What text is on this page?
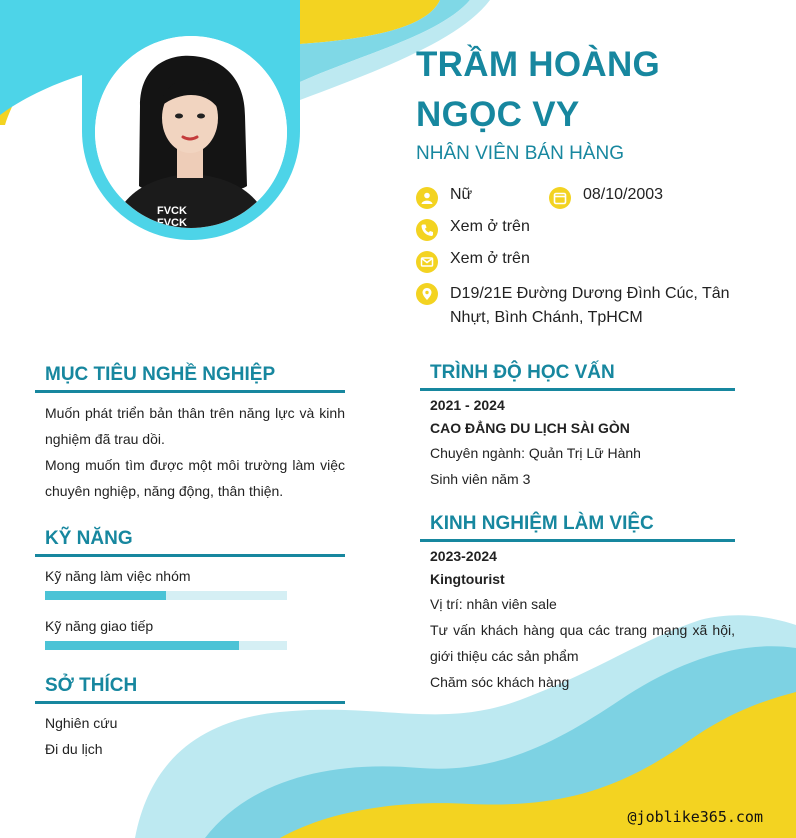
FVCK
FVCK
TRẦM HOÀNG NGỌC VY
NHÂN VIÊN BÁN HÀNG
Nữ	08/10/2003
Xem ở trên
Xem ở trên
D19/21E Đường Dương Đình Cúc, Tân Nhựt, Bình Chánh, TpHCM
MỤC TIÊU NGHỀ NGHIỆP

Muốn phát triển bản thân trên năng lực và kinh nghiệm đã trau dồi.

Mong muốn tìm được một môi trường làm việc chuyên nghiệp, năng động, thân thiện.

KỸ NĂNG
Kỹ năng làm việc nhóm
Kỹ năng giao tiếp
SỞ THÍCH

Nghiên cứu

Đi du lịch

TRÌNH ĐỘ HỌC VẤN

2021 - 2024

CAO ĐẲNG DU LỊCH SÀI GÒN

Chuyên ngành: Quản Trị Lữ Hành

Sinh viên năm 3

KINH NGHIỆM LÀM VIỆC

2023-2024

Kingtourist

Vị trí: nhân viên sale

Tư vấn khách hàng qua các trang mạng xã hội, giới thiệu các sản phẩm

Chăm sóc khách hàng

@joblike365.com
